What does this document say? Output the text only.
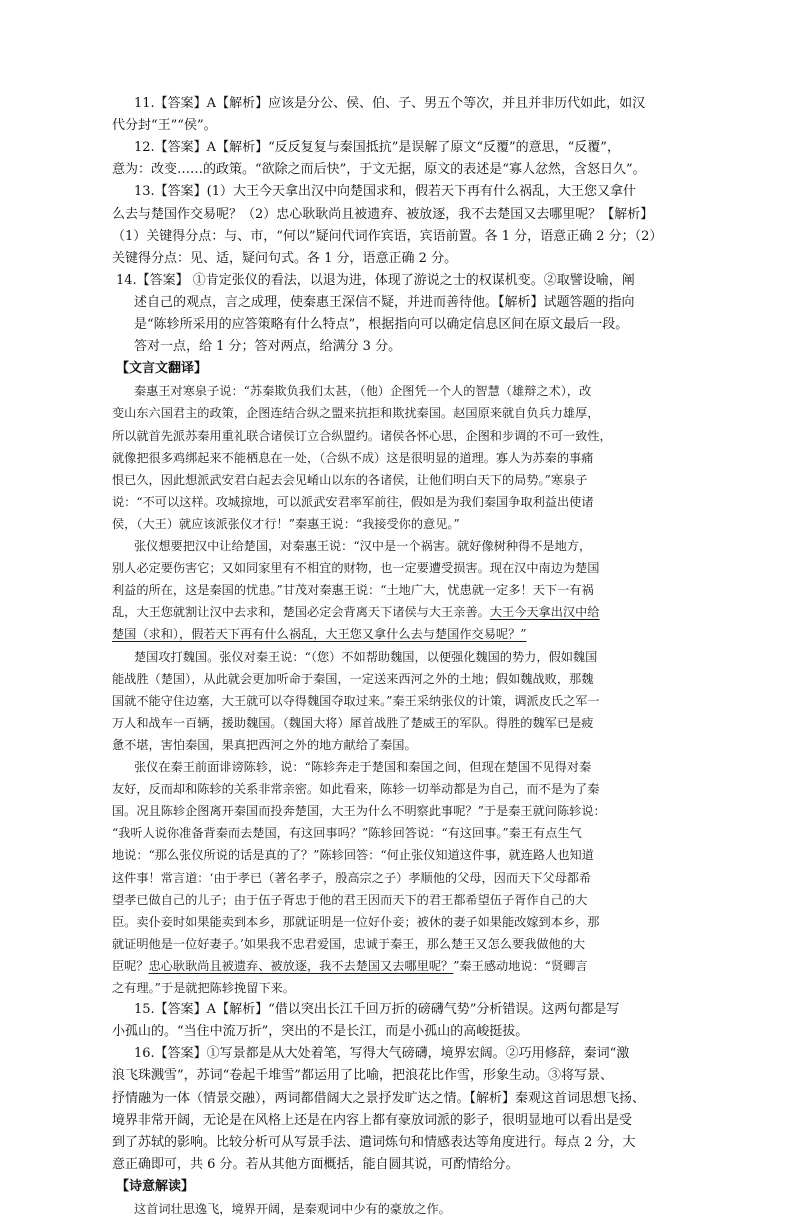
11.【答案】A【解析】应该是分公、侯、伯、子、男五个等次，并且并非历代如此，如汉
代分封“王”“侯”。
12.【答案】A【解析】“反反复复与秦国抵抗”是误解了原文“反覆”的意思，“反覆”，
意为：改变……的政策。“欲除之而后快”，于文无据，原文的表述是“寡人忿然，含怒日久”。
13.【答案】(1）大王今天拿出汉中向楚国求和，假若天下再有什么祸乱，大王您又拿什
么去与楚国作交易呢？（2）忠心耿耿尚且被遗弃、被放逐，我不去楚国又去哪里呢？【解析】
（1）关键得分点：与、市，“何以”疑问代词作宾语，宾语前置。各 1 分，语意正确 2 分；（2）
关键得分点：见、适，疑问句式。各 1 分，语意正确 2 分。
14.【答案】 ①肯定张仪的看法，以退为进，体现了游说之士的权谋机变。②取譬设喻，阐
述自己的观点，言之成理，使秦惠王深信不疑，并进而善待他。【解析】试题答题的指向
是“陈轸所采用的应答策略有什么特点”，根据指向可以确定信息区间在原文最后一段。
答对一点，给 1 分；答对两点，给满分 3 分。
【文言文翻译】
秦惠王对寒泉子说：“苏秦欺负我们太甚，（他）企图凭一个人的智慧（雄辩之术），改
变山东六国君主的政策，企图连结合纵之盟来抗拒和欺扰秦国。赵国原来就自负兵力雄厚，
所以就首先派苏秦用重礼联合诸侯订立合纵盟约。诸侯各怀心思，企图和步调的不可一致性，
就像把很多鸡绑起来不能栖息在一处，（合纵不成）这是很明显的道理。寡人为苏秦的事痛
恨已久，因此想派武安君白起去会见崤山以东的各诸侯，让他们明白天下的局势。”寒泉子
说：“不可以这样。攻城掠地，可以派武安君率军前往，假如是为我们秦国争取利益出使诸
侯，（大王）就应该派张仪才行！”秦惠王说：“我接受你的意见。”
张仪想要把汉中让给楚国，对秦惠王说：“汉中是一个祸害。就好像树种得不是地方，
别人必定要伤害它；又如同家里有不相宜的财物，也一定要遭受损害。现在汉中南边为楚国
利益的所在，这是秦国的忧患。”甘茂对秦惠王说：“土地广大，忧患就一定多！天下一有祸
乱，大王您就割让汉中去求和，楚国必定会背离天下诸侯与大王亲善。大王今天拿出汉中给
楚国（求和），假若天下再有什么祸乱，大王您又拿什么去与楚国作交易呢？”
楚国攻打魏国。张仪对秦王说：“（您）不如帮助魏国，以便强化魏国的势力，假如魏国
能战胜（楚国），从此就会更加听命于秦国，一定送来西河之外的土地；假如魏战败，那魏
国就不能守住边塞，大王就可以夺得魏国夺取过来。”秦王采纳张仪的计策，调派皮氏之军一
万人和战车一百辆，援助魏国。（魏国大将）犀首战胜了楚威王的军队。得胜的魏军已是疲
惫不堪，害怕秦国，果真把西河之外的地方献给了秦国。
张仪在秦王前面诽谤陈轸，说：“陈轸奔走于楚国和秦国之间，但现在楚国不见得对秦
友好，反而却和陈轸的关系非常亲密。如此看来，陈轸一切举动都是为自己，而不是为了秦
国。况且陈轸企图离开秦国而投奔楚国，大王为什么不明察此事呢？”于是秦王就问陈轸说：
“我听人说你准备背秦而去楚国，有这回事吗？”陈轸回答说：“有这回事。”秦王有点生气
地说：“那么张仪所说的话是真的了？”陈轸回答：“何止张仪知道这件事，就连路人也知道
这件事！常言道：‘由于孝已（著名孝子，殷高宗之子）孝顺他的父母，因而天下父母都希
望孝已做自己的儿子；由于伍子胥忠于他的君王因而天下的君王都希望伍子胥作自己的大
臣。卖仆妾时如果能卖到本乡，那就证明是一位好仆妾；被休的妻子如果能改嫁到本乡，那
就证明他是一位好妻子。’如果我不忠君爱国，忠诚于秦王，那么楚王又怎么要我做他的大
臣呢？忠心耿耿尚且被遗弃、被放逐，我不去楚国又去哪里呢？”秦王感动地说：“贤卿言
之有理。”于是就把陈轸挽留下来。
15.【答案】A【解析】“借以突出长江千回万折的磅礴气势”分析错误。这两句都是写
小孤山的。“当住中流万折”，突出的不是长江，而是小孤山的高峻挺拔。
16.【答案】①写景都是从大处着笔，写得大气磅礴，境界宏阔。②巧用修辞，秦词“激
浪飞珠溅雪”，苏词“卷起千堆雪”都运用了比喻，把浪花比作雪，形象生动。③将写景、
抒情融为一体（情景交融），两词都借阔大之景抒发旷达之情。【解析】秦观这首词思想飞扬、
境界非常开阔，无论是在风格上还是在内容上都有豪放词派的影子，很明显地可以看出是受
到了苏轼的影响。比较分析可从写景手法、遣词炼句和情感表达等角度进行。每点 2 分，大
意正确即可，共 6 分。若从其他方面概括，能自圆其说，可酌情给分。
【诗意解读】
这首词壮思逸飞，境界开阔，是秦观词中少有的豪放之作。
